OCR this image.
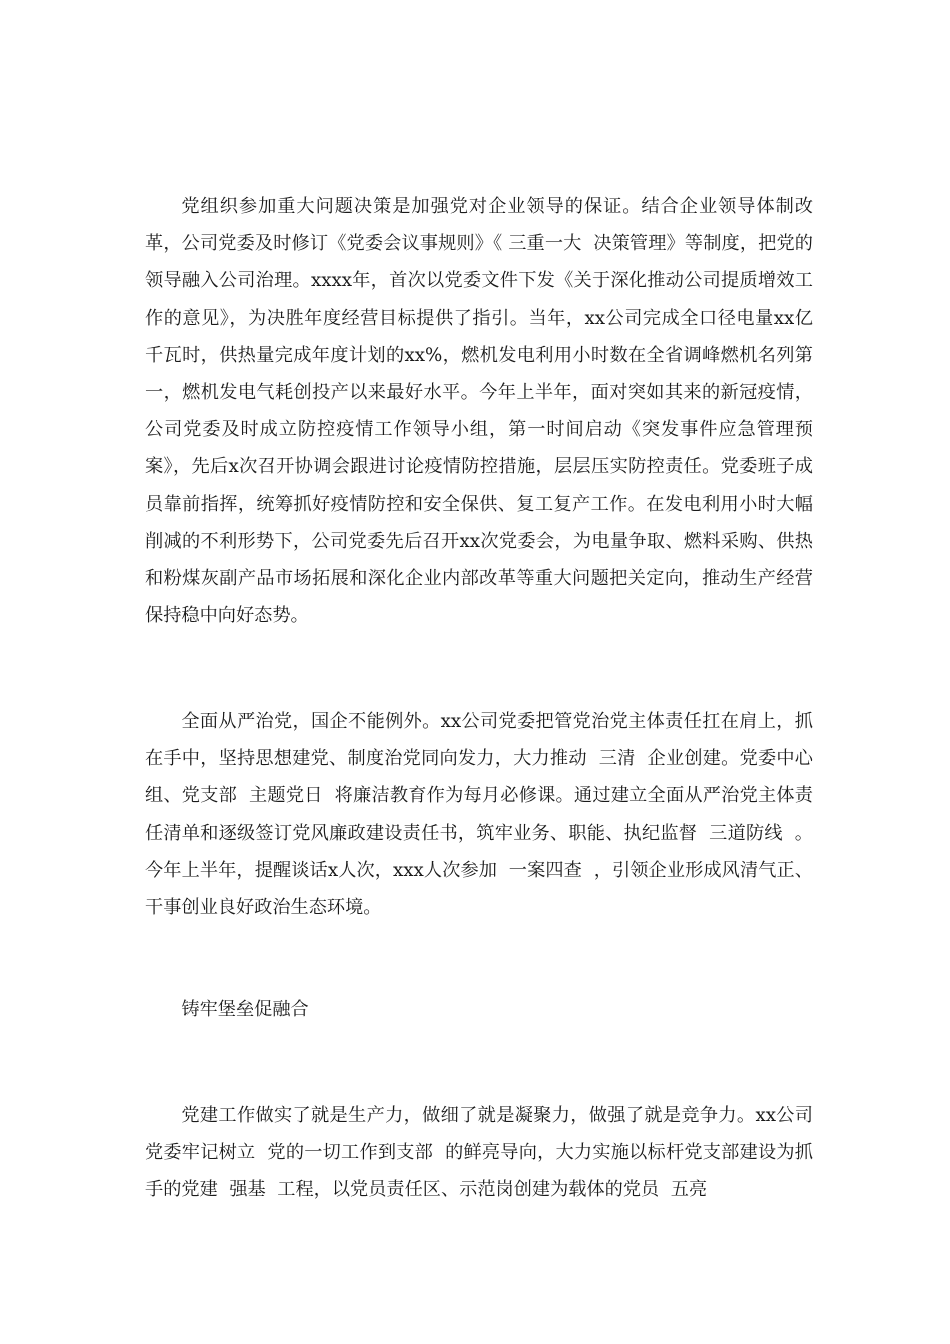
党组织参加重大问题决策是加强党对企业领导的保证。结合企业领导体制改革，公司党委及时修订《党委会议事规则》《 三重一大  决策管理》等制度，把党的领导融入公司治理。xxxx年，首次以党委文件下发《关于深化推动公司提质增效工作的意见》，为决胜年度经营目标提供了指引。当年，xx公司完成全口径电量xx亿千瓦时，供热量完成年度计划的xx%，燃机发电利用小时数在全省调峰燃机名列第一，燃机发电气耗创投产以来最好水平。今年上半年，面对突如其来的新冠疫情，公司党委及时成立防控疫情工作领导小组，第一时间启动《突发事件应急管理预案》，先后x次召开协调会跟进讨论疫情防控措施，层层压实防控责任。党委班子成员靠前指挥，统筹抓好疫情防控和安全保供、复工复产工作。在发电利用小时大幅削减的不利形势下，公司党委先后召开xx次党委会，为电量争取、燃料采购、供热和粉煤灰副产品市场拓展和深化企业内部改革等重大问题把关定向，推动生产经营保持稳中向好态势。

全面从严治党，国企不能例外。xx公司党委把管党治党主体责任扛在肩上，抓在手中，坚持思想建党、制度治党同向发力，大力推动  三清  企业创建。党委中心组、党支部  主题党日  将廉洁教育作为每月必修课。通过建立全面从严治党主体责任清单和逐级签订党风廉政建设责任书，筑牢业务、职能、执纪监督  三道防线  。今年上半年，提醒谈话x人次，xxx人次参加  一案四查  ，引领企业形成风清气正、干事创业良好政治生态环境。

铸牢堡垒促融合

党建工作做实了就是生产力，做细了就是凝聚力，做强了就是竞争力。xx公司党委牢记树立  党的一切工作到支部  的鲜亮导向，大力实施以标杆党支部建设为抓手的党建  强基  工程，以党员责任区、示范岗创建为载体的党员  五亮
